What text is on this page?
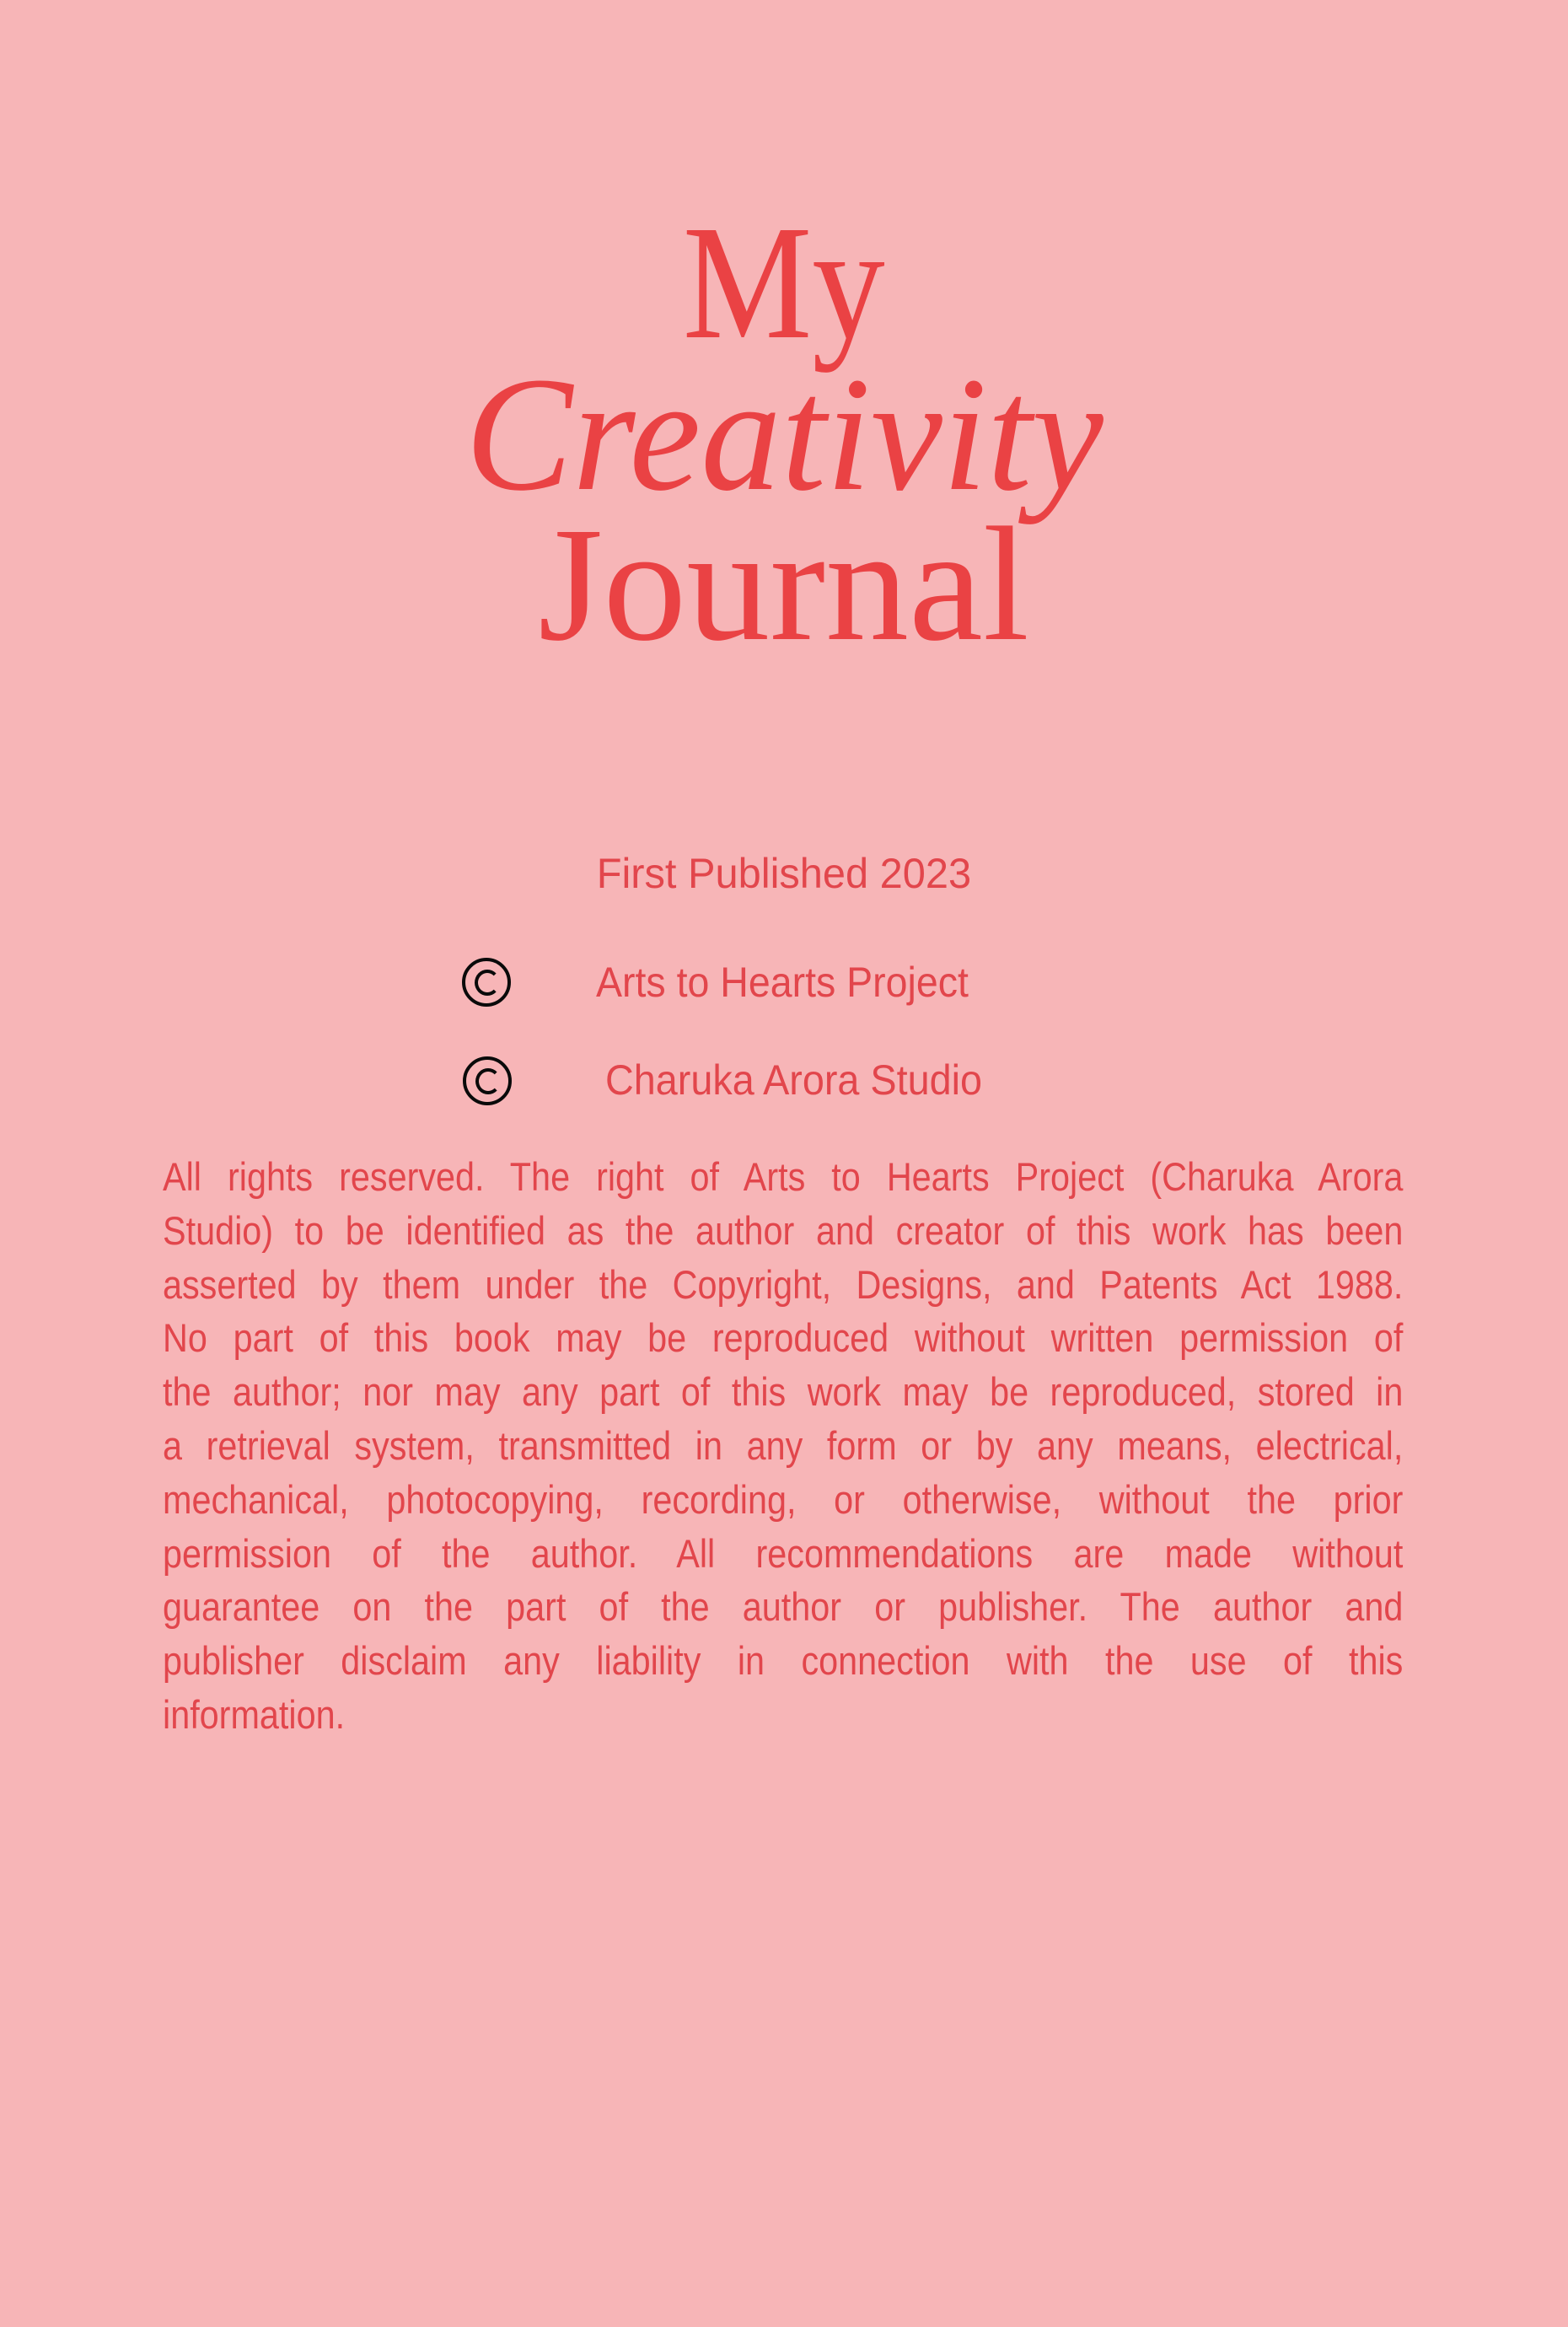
My
Creativity
Journal
First Published 2023
Arts to Hearts Project
Charuka Arora Studio
All rights reserved. The right of Arts to Hearts Project (Charuka Arora
Studio) to be identified as the author and creator of this work has been
asserted by them under the Copyright, Designs, and Patents Act 1988.
No part of this book may be reproduced without written permission of
the author; nor may any part of this work may be reproduced, stored in
a retrieval system, transmitted in any form or by any means, electrical,
mechanical, photocopying, recording, or otherwise, without the prior
permission of the author. All recommendations are made without
guarantee on the part of the author or publisher. The author and
publisher disclaim any liability in connection with the use of this
information.
